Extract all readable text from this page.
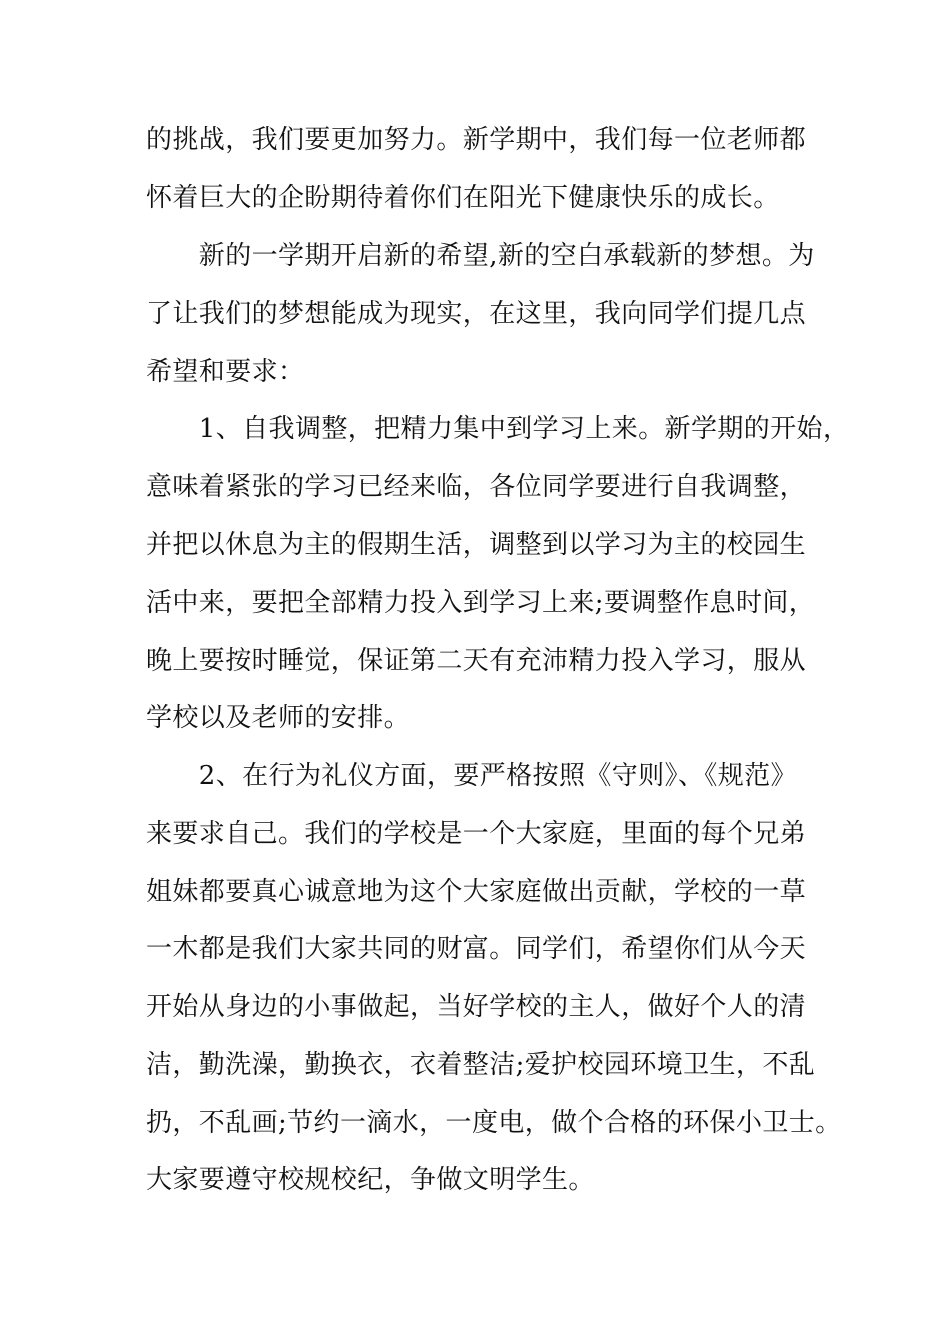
的挑战，我们要更加努力。新学期中，我们每一位老师都
怀着巨大的企盼期待着你们在阳光下健康快乐的成长。
　　新的一学期开启新的希望,新的空白承载新的梦想。为
了让我们的梦想能成为现实，在这里，我向同学们提几点
希望和要求：
　　1、自我调整，把精力集中到学习上来。新学期的开始，
意味着紧张的学习已经来临，各位同学要进行自我调整，
并把以休息为主的假期生活，调整到以学习为主的校园生
活中来，要把全部精力投入到学习上来;要调整作息时间，
晚上要按时睡觉，保证第二天有充沛精力投入学习，服从
学校以及老师的安排。
　　2、在行为礼仪方面，要严格按照《守则》、《规范》
来要求自己。我们的学校是一个大家庭，里面的每个兄弟
姐妹都要真心诚意地为这个大家庭做出贡献，学校的一草
一木都是我们大家共同的财富。同学们，希望你们从今天
开始从身边的小事做起，当好学校的主人，做好个人的清
洁，勤洗澡，勤换衣，衣着整洁;爱护校园环境卫生，不乱
扔，不乱画;节约一滴水，一度电，做个合格的环保小卫士。
大家要遵守校规校纪，争做文明学生。
